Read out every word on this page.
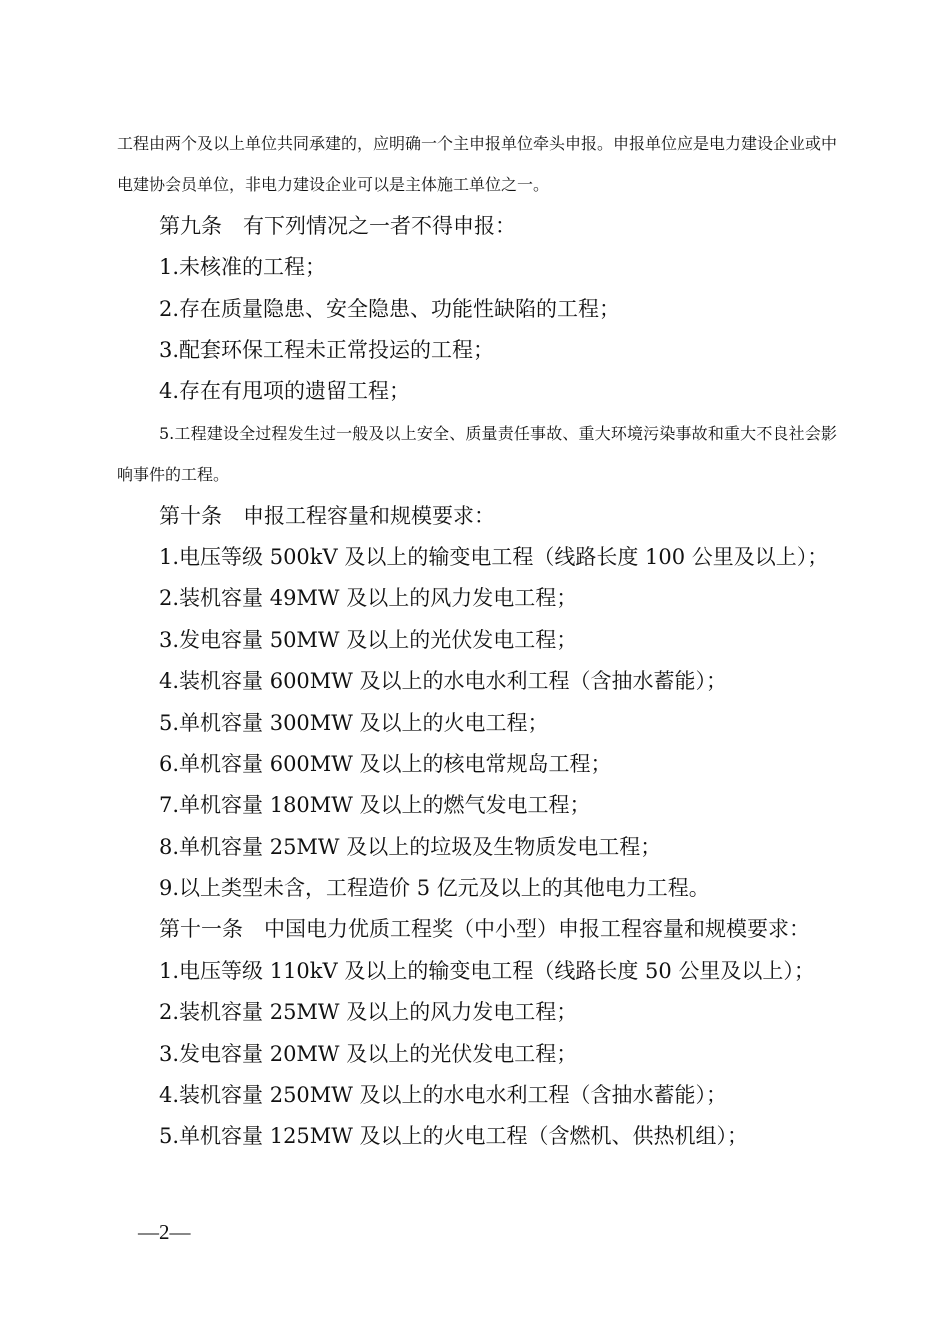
工程由两个及以上单位共同承建的，应明确一个主申报单位牵头申报。申报单位应是电力建设企业或中电建协会员单位，非电力建设企业可以是主体施工单位之一。
第九条　有下列情况之一者不得申报：
1.未核准的工程；
2.存在质量隐患、安全隐患、功能性缺陷的工程；
3.配套环保工程未正常投运的工程；
4.存在有甩项的遗留工程；
5.工程建设全过程发生过一般及以上安全、质量责任事故、重大环境污染事故和重大不良社会影响事件的工程。
第十条　申报工程容量和规模要求：
1.电压等级 500kV 及以上的输变电工程（线路长度 100 公里及以上）；
2.装机容量 49MW 及以上的风力发电工程；
3.发电容量 50MW 及以上的光伏发电工程；
4.装机容量 600MW 及以上的水电水利工程（含抽水蓄能）；
5.单机容量 300MW 及以上的火电工程；
6.单机容量 600MW 及以上的核电常规岛工程；
7.单机容量 180MW 及以上的燃气发电工程；
8.单机容量 25MW 及以上的垃圾及生物质发电工程；
9.以上类型未含，工程造价 5 亿元及以上的其他电力工程。
第十一条　中国电力优质工程奖（中小型）申报工程容量和规模要求：
1.电压等级 110kV 及以上的输变电工程（线路长度 50 公里及以上）；
2.装机容量 25MW 及以上的风力发电工程；
3.发电容量 20MW 及以上的光伏发电工程；
4.装机容量 250MW 及以上的水电水利工程（含抽水蓄能）；
5.单机容量 125MW 及以上的火电工程（含燃机、供热机组）；
—2—
